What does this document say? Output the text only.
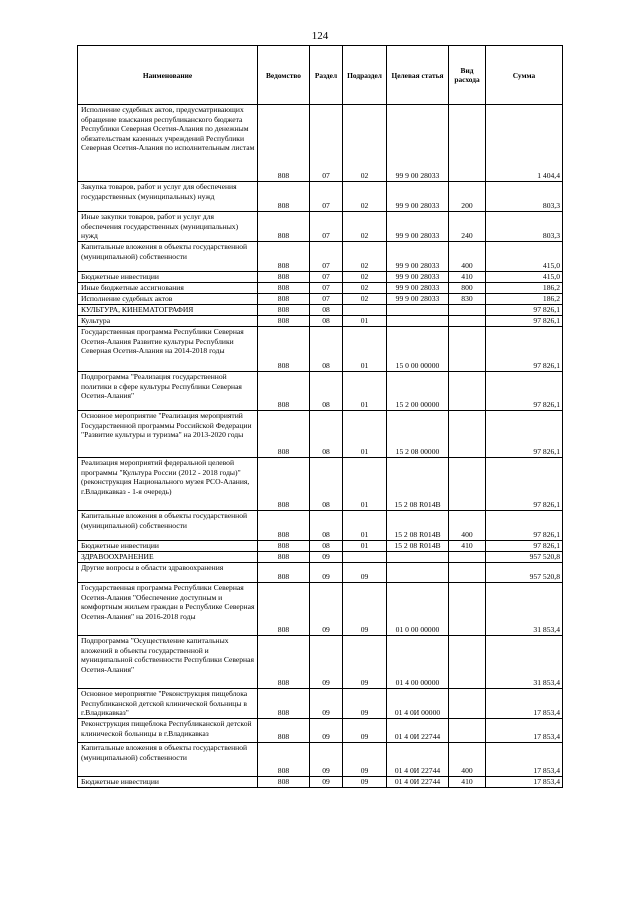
124
Наименование	Ведомство	Раздел	Подраздел	Целевая статья	Вид расхода	Сумма
Исполнение судебных актов, предусматривающих обращение взыскания республиканского бюджета Республики Северная Осетия-Алания по денежным обязательствам казенных учреждений Республики Северная Осетия-Алания по исполнительным листам	808	07	02	99 9 00 28033		1 404,4
Закупка товаров, работ и услуг для обеспечения государственных (муниципальных) нужд	808	07	02	99 9 00 28033	200	803,3
Иные закупки товаров, работ и услуг для обеспечения государственных (муниципальных) нужд	808	07	02	99 9 00 28033	240	803,3
Капитальные вложения в объекты государственной (муниципальной) собственности	808	07	02	99 9 00 28033	400	415,0
Бюджетные инвестиции	808	07	02	99 9 00 28033	410	415,0
Иные бюджетные ассигнования	808	07	02	99 9 00 28033	800	186,2
Исполнение судебных актов	808	07	02	99 9 00 28033	830	186,2
КУЛЬТУРА, КИНЕМАТОГРАФИЯ	808	08				97 826,1
Культура	808	08	01			97 826,1
Государственная программа Республики Северная Осетия-Алания Развитие культуры Республики Северная Осетия-Алания на 2014-2018 годы	808	08	01	15 0 00 00000		97 826,1
Подпрограмма "Реализация государственной политики в сфере культуры Республики Северная Осетия-Алания"	808	08	01	15 2 00 00000		97 826,1
Основное мероприятие "Реализация мероприятий Государственной программы Российской Федерации "Развитие культуры и туризма" на 2013-2020 годы	808	08	01	15 2 08 00000		97 826,1
Реализация мероприятий федеральной целевой программы "Культура России (2012 - 2018 годы)" (реконструкция Национального музея РСО-Алания, г.Владикавказ - 1-я очередь)	808	08	01	15 2 08 R014В		97 826,1
Капитальные вложения в объекты государственной (муниципальной) собственности	808	08	01	15 2 08 R014В	400	97 826,1
Бюджетные инвестиции	808	08	01	15 2 08 R014В	410	97 826,1
ЗДРАВООХРАНЕНИЕ	808	09				957 520,8
Другие вопросы в области здравоохранения	808	09	09			957 520,8
Государственная программа Республики Северная Осетия-Алания "Обеспечение доступным и комфортным жильем граждан в Республике Северная Осетия-Алания" на 2016-2018 годы	808	09	09	01 0 00 00000		31 853,4
Подпрограмма "Осуществление капитальных вложений в объекты государственной и муниципальной собственности Республики Северная Осетия-Алания"	808	09	09	01 4 00 00000		31 853,4
Основное мероприятие "Реконструкция пищеблока Республиканской детской клинической больницы в г.Владикавказ"	808	09	09	01 4 0И 00000		17 853,4
Реконструкция пищеблока Республиканской детской клинической больницы в г.Владикавказ	808	09	09	01 4 0И 22744		17 853,4
Капитальные вложения в объекты государственной (муниципальной) собственности	808	09	09	01 4 0И 22744	400	17 853,4
Бюджетные инвестиции	808	09	09	01 4 0И 22744	410	17 853,4
